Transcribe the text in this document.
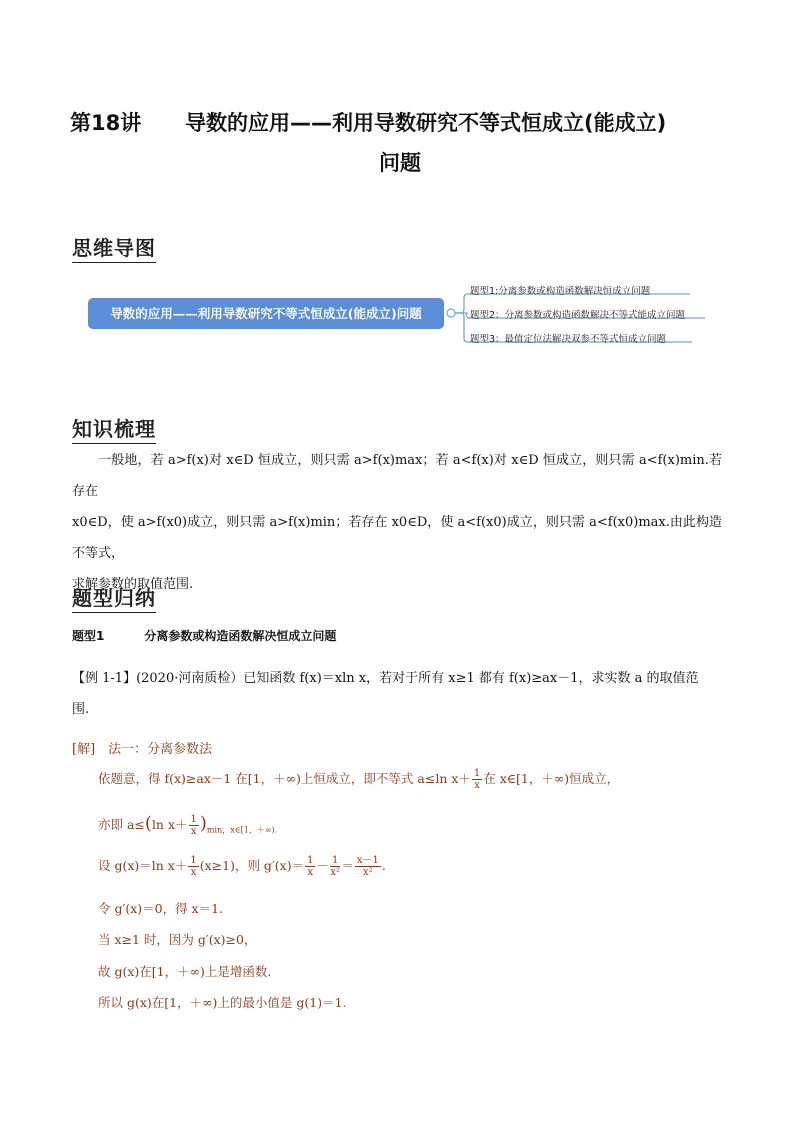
第18讲 导数的应用——利用导数研究不等式恒成立(能成立)
问题
思维导图
导数的应用——利用导数研究不等式恒成立(能成立)问题
题型1:分离参数或构造函数解决恒成立问题
题型2：分离参数或构造函数解决不等式能成立问题
题型3：最值定位法解决双参不等式恒成立问题
知识梳理
一般地，若 a>f(x)对 x∈D 恒成立，则只需 a>f(x)max；若 a<f(x)对 x∈D 恒成立，则只需 a<f(x)min.若存在
x0∈D，使 a>f(x0)成立，则只需 a>f(x)min；若存在 x0∈D，使 a<f(x0)成立，则只需 a<f(x0)max.由此构造不等式，
求解参数的取值范围.
题型归纳
题型1	分离参数或构造函数解决恒成立问题
【例 1-1】(2020·河南质检）已知函数 f(x)＝xln x，若对于所有 x≥1 都有 f(x)≥ax－1，求实数 a 的取值范
围.
[解]　法一：分离参数法
依题意，得 f(x)≥ax－1 在[1，＋∞)上恒成立，即不等式 a≤ln $x+ \frac{1}{x}$ 在 x∈[1，＋∞)恒成立，
亦即 a≤(ln $x+ \frac{1}{x} )_{min,x\in[1,+\infty).}$
设 g(x)＝ln $x+ \frac{1}{x} (x\ge 1)$，则 $g'(x)= \frac{1}{x} - \frac{1}{\text{x²}} = \frac{x-1}{\text{x²}}$ .
令 g′(x)＝0，得 x＝1.
当 x≥1 时，因为 g′(x)≥0，
故 g(x)在[1，＋∞)上是增函数.
所以 g(x)在[1，＋∞)上的最小值是 g(1)＝1.
